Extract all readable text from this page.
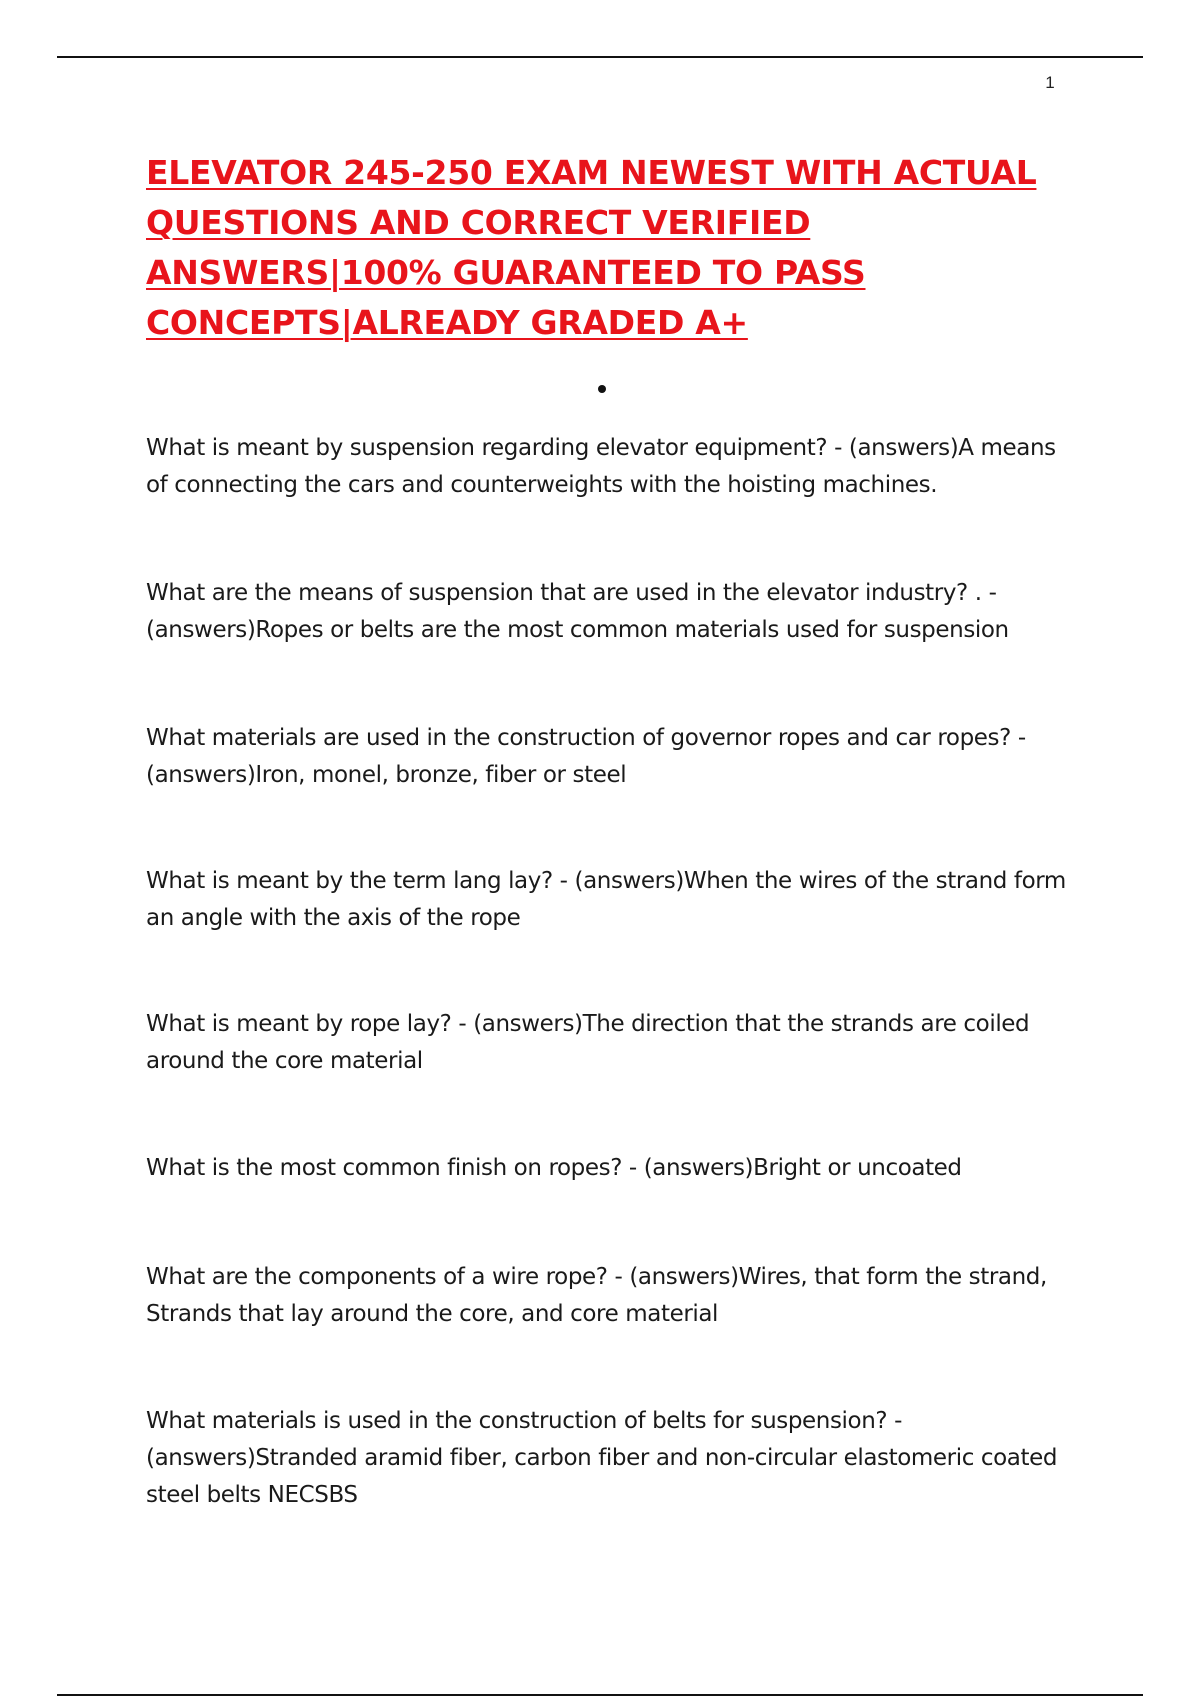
1
ELEVATOR 245-250 EXAM NEWEST WITH ACTUAL
QUESTIONS AND CORRECT VERIFIED
ANSWERS|100% GUARANTEED TO PASS
CONCEPTS|ALREADY GRADED A+

What is meant by suspension regarding elevator equipment? - (answers)A means of connecting the cars and counterweights with the hoisting machines.

What are the means of suspension that are used in the elevator industry? . - (answers)Ropes or belts are the most common materials used for suspension

What materials are used in the construction of governor ropes and car ropes? - (answers)Iron, monel, bronze, fiber or steel

What is meant by the term lang lay? - (answers)When the wires of the strand form an angle with the axis of the rope

What is meant by rope lay? - (answers)The direction that the strands are coiled around the core material

What is the most common finish on ropes? - (answers)Bright or uncoated

What are the components of a wire rope? - (answers)Wires, that form the strand, Strands that lay around the core, and core material

What materials is used in the construction of belts for suspension? - (answers)Stranded aramid fiber, carbon fiber and non-circular elastomeric coated steel belts NECSBS
